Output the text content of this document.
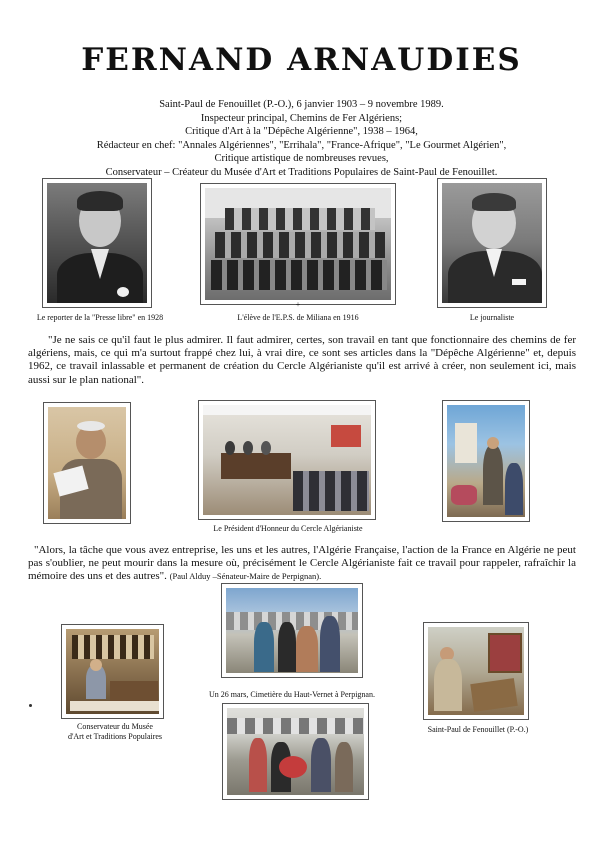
FERNAND ARNAUDIES
Saint-Paul de Fenouillet (P.-O.), 6 janvier 1903 – 9 novembre 1989.
Inspecteur principal, Chemins de Fer Algériens;
Critique d'Art à la "Dépêche Algérienne", 1938 – 1964,
Rédacteur en chef: "Annales Algériennes", "Errihala", "France-Afrique", "Le Gourmet Algérien",
Critique artistique de nombreuses revues,
Conservateur – Créateur du Musée d'Art et Traditions Populaires de Saint-Paul de Fenouillet.
Le reporter de la "Presse libre" en 1928
+
L'élève de l'E.P.S. de Miliana en 1916	Le journaliste
"Je ne sais ce qu'il faut le plus admirer. Il faut admirer, certes, son travail en tant que fonctionnaire des chemins de fer algériens, mais, ce qui m'a surtout frappé chez lui, à vrai dire, ce sont ses articles dans la "Dépêche Algérienne" et, depuis 1962, ce travail inlassable et permanent de création du Cercle Algérianiste qu'il est arrivé à créer, non seulement ici, mais aussi sur le plan national".
Le Président d'Honneur du Cercle Algérianiste
"Alors, la tâche que vous avez entreprise, les uns et les autres, l'Algérie Française, l'action de la France en Algérie ne peut pas s'oublier, ne peut mourir dans la mesure où, précisément le Cercle Algérianiste fait ce travail pour rappeler, rafraîchir la mémoire des uns et des autres". (Paul Alduy –Sénateur-Maire de Perpignan).
Conservateur du Musée
d'Art et Traditions Populaires
Un 26 mars, Cimetière du Haut-Vernet à Perpignan.
Saint-Paul de Fenouillet (P.-O.)
